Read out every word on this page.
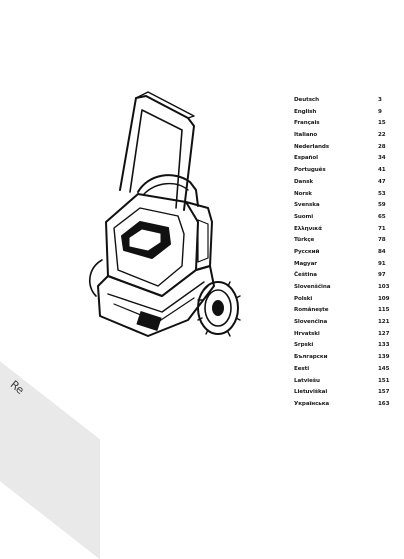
Re
Deutsch	3
English	9
Français	15
Italiano	22
Nederlands	28
Español	34
Português	41
Dansk	47
Norsk	53
Svenska	59
Suomi	65
Ελληνικά	71
Türkçe	78
Русский	84
Magyar	91
Čeština	97
Slovenščina	103
Polski	109
Româneşte	115
Slovenčina	121
Hrvatski	127
Srpski	133
Български	139
Eesti	145
Latviešu	151
Lietuviškai	157
Українська	163
